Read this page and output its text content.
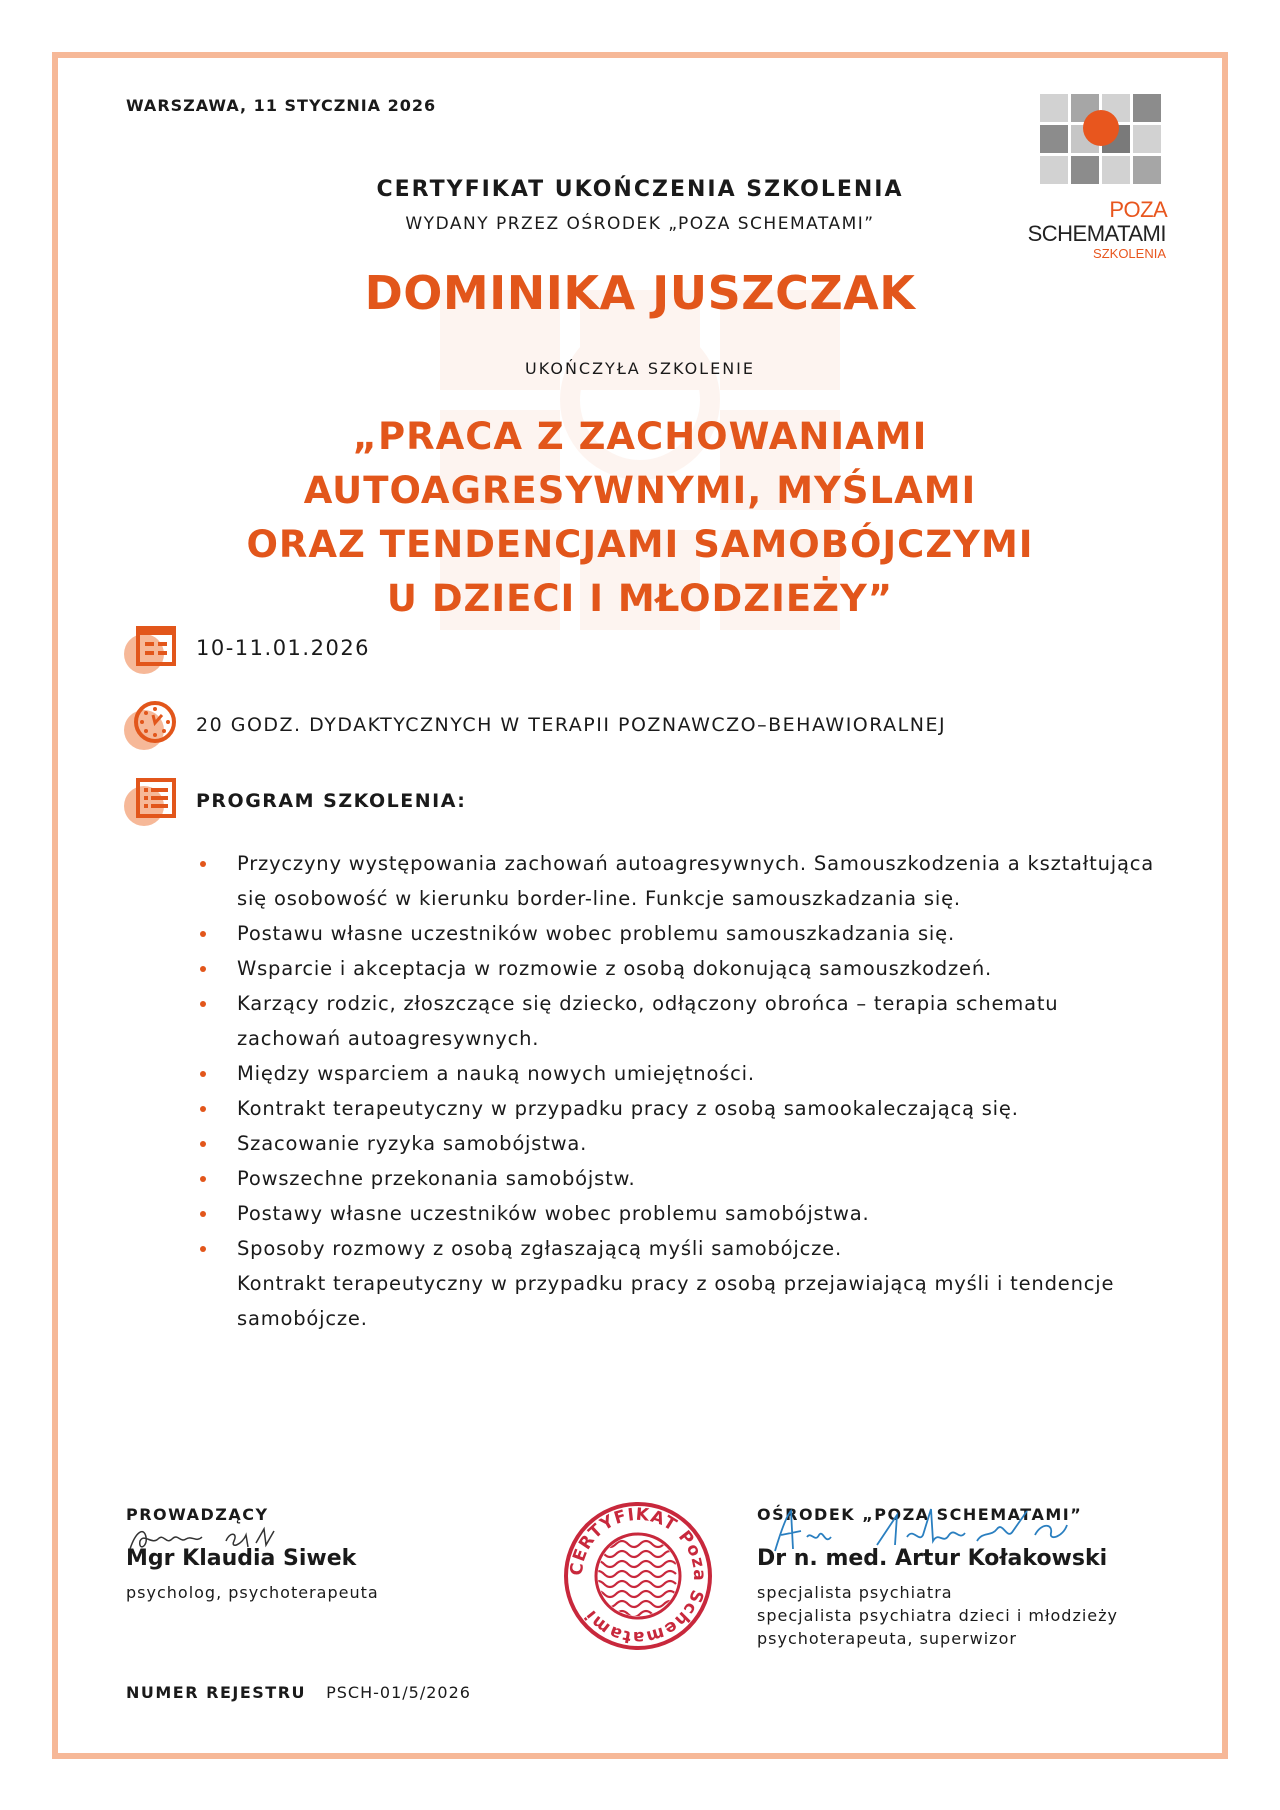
WARSZAWA, 11 STYCZNIA 2026
POZA SCHEMATAMI
SZKOLENIA
CERTYFIKAT UKOŃCZENIA SZKOLENIA
WYDANY PRZEZ OŚRODEK „POZA SCHEMATAMI”
DOMINIKA JUSZCZAK
UKOŃCZYŁA SZKOLENIE
„PRACA Z ZACHOWANIAMI
AUTOAGRESYWNYMI, MYŚLAMI
ORAZ TENDENCJAMI SAMOBÓJCZYMI
U DZIECI I MŁODZIEŻY”
10-11.01.2026
20 GODZ. DYDAKTYCZNYCH W TERAPII POZNAWCZO–BEHAWIORALNEJ
PROGRAM SZKOLENIA:
Przyczyny występowania zachowań autoagresywnych. Samouszkodzenia a kształtująca się osobowość w kierunku border-line. Funkcje samouszkadzania się.
Postawu własne uczestników wobec problemu samouszkadzania się.
Wsparcie i akceptacja w rozmowie z osobą dokonującą samouszkodzeń.
Karzący rodzic, złoszczące się dziecko, odłączony obrońca – terapia schematu zachowań autoagresywnych.
Między wsparciem a nauką nowych umiejętności.
Kontrakt terapeutyczny w przypadku pracy z osobą samookaleczającą się.
Szacowanie ryzyka samobójstwa.
Powszechne przekonania samobójstw.
Postawy własne uczestników wobec problemu samobójstwa.
Sposoby rozmowy z osobą zgłaszającą myśli samobójcze.
Kontrakt terapeutyczny w przypadku pracy z osobą przejawiającą myśli i tendencje samobójcze.
PROWADZĄCY
Mgr Klaudia Siwek
psycholog, psychoterapeuta
CERTYFIKAT Poza Schematami
OŚRODEK „POZA SCHEMATAMI”
Dr n. med. Artur Kołakowski
specjalista psychiatra
specjalista psychiatra dzieci i młodzieży
psychoterapeuta, superwizor
NUMER REJESTRU PSCH-01/5/2026
